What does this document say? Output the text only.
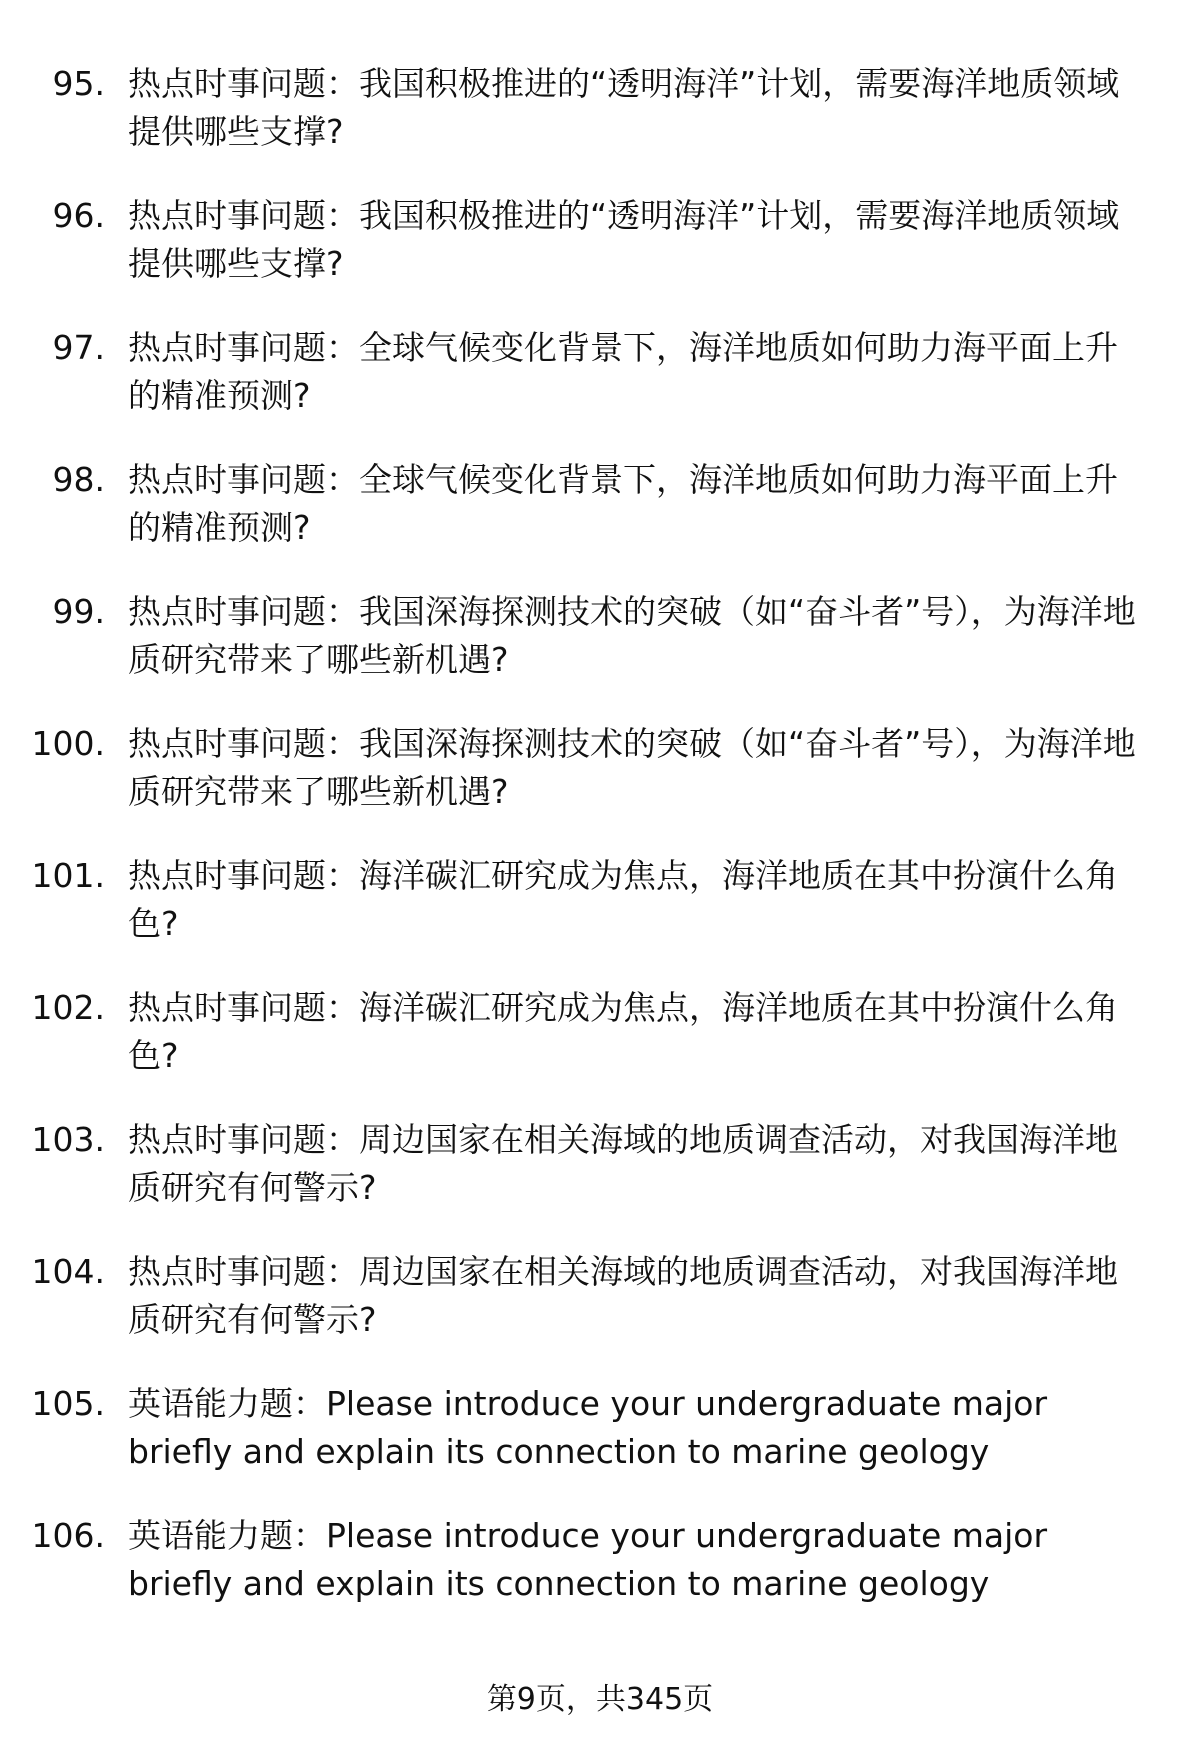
95. 热点时事问题：我国积极推进的“透明海洋”计划，需要海洋地质领域提供哪些支撑?
96. 热点时事问题：我国积极推进的“透明海洋”计划，需要海洋地质领域提供哪些支撑?
97. 热点时事问题：全球气候变化背景下，海洋地质如何助力海平面上升的精准预测?
98. 热点时事问题：全球气候变化背景下，海洋地质如何助力海平面上升的精准预测?
99. 热点时事问题：我国深海探测技术的突破（如“奋斗者”号），为海洋地质研究带来了哪些新机遇?
100. 热点时事问题：我国深海探测技术的突破（如“奋斗者”号），为海洋地质研究带来了哪些新机遇?
101. 热点时事问题：海洋碳汇研究成为焦点，海洋地质在其中扮演什么角色?
102. 热点时事问题：海洋碳汇研究成为焦点，海洋地质在其中扮演什么角色?
103. 热点时事问题：周边国家在相关海域的地质调查活动，对我国海洋地质研究有何警示?
104. 热点时事问题：周边国家在相关海域的地质调查活动，对我国海洋地质研究有何警示?
105. 英语能力题：Please introduce your undergraduate major briefly and explain its connection to marine geology
106. 英语能力题：Please introduce your undergraduate major briefly and explain its connection to marine geology
第9页，共345页
